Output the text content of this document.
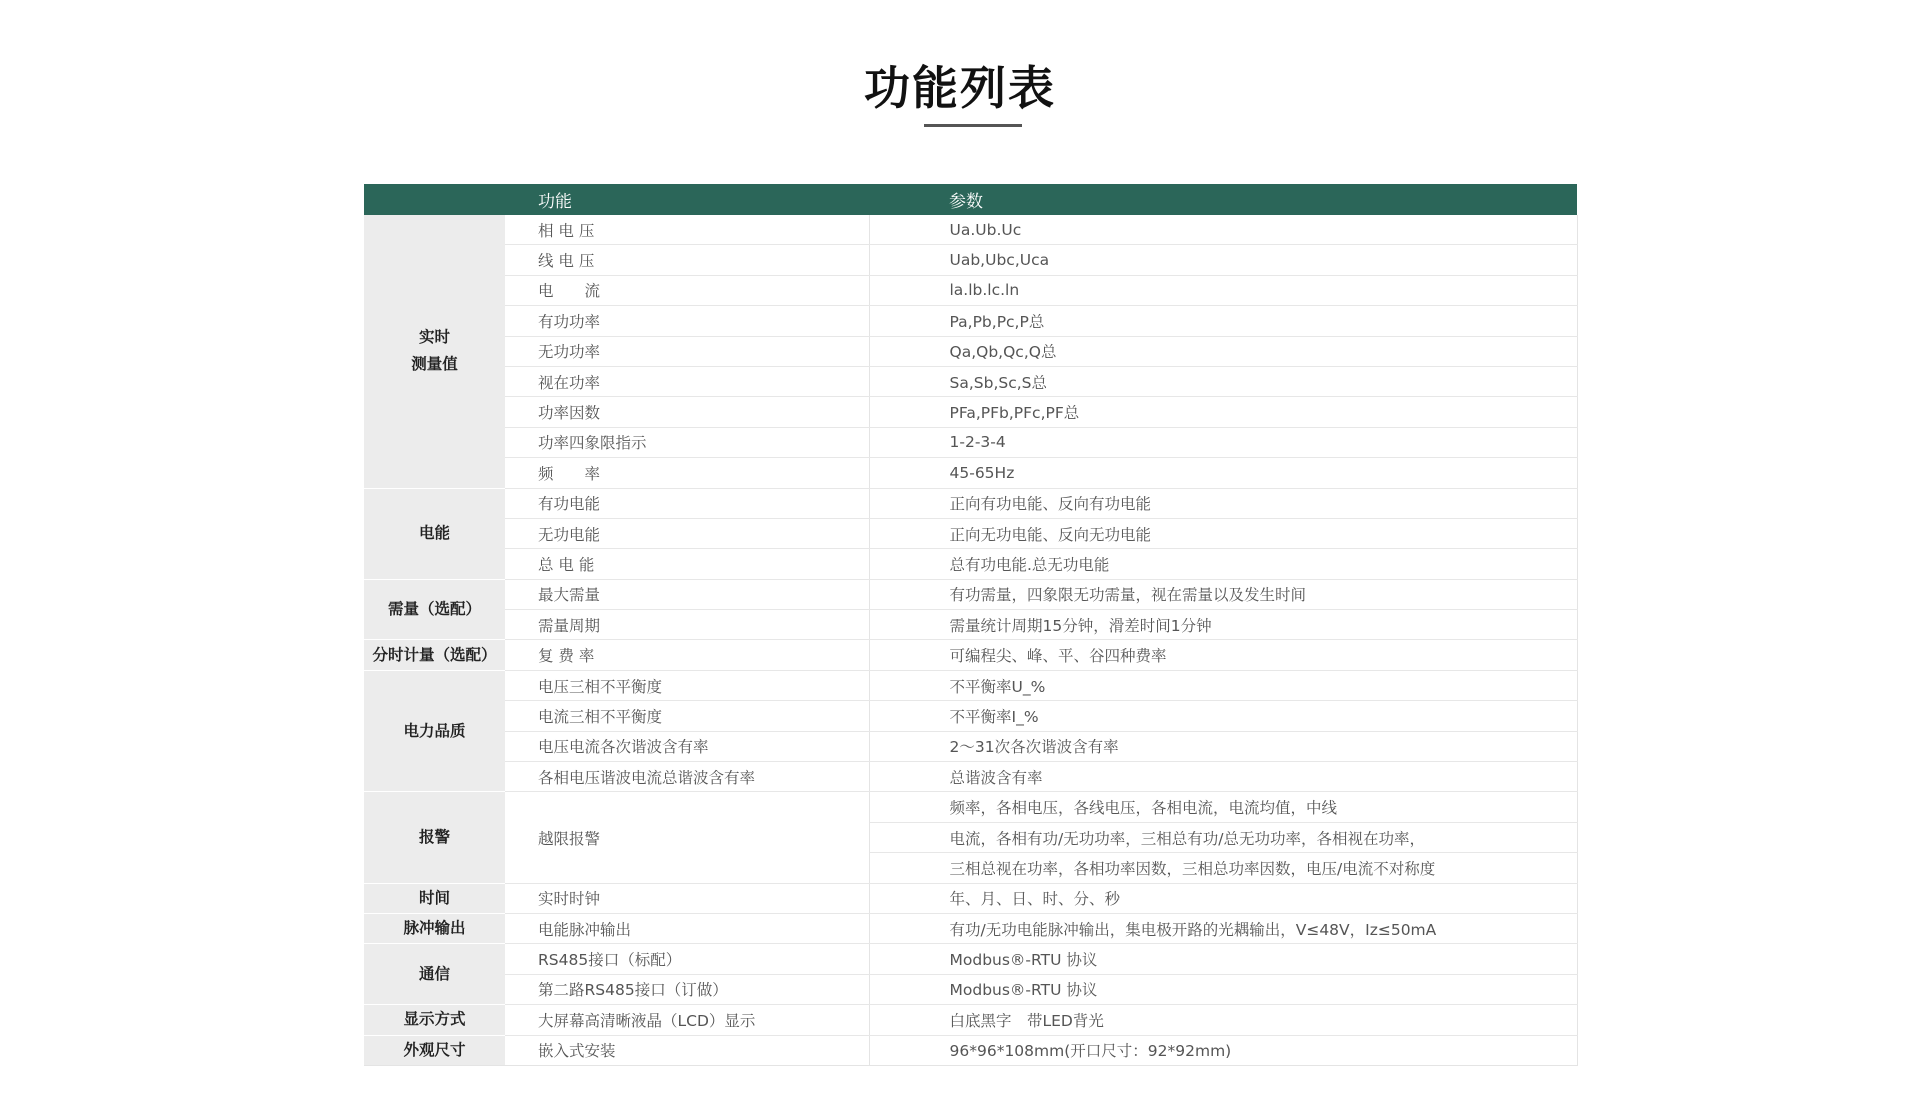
功能列表
	功能	参数
实时
测量值	相 电 压	Ua.Ub.Uc
	线 电 压	Uab,Ubc,Uca
	电　　流	la.lb.lc.ln
	有功功率	Pa,Pb,Pc,P总
	无功功率	Qa,Qb,Qc,Q总
	视在功率	Sa,Sb,Sc,S总
	功率因数	PFa,PFb,PFc,PF总
	功率四象限指示	1-2-3-4
	频　　率	45-65Hz
电能	有功电能	正向有功电能、反向有功电能
	无功电能	正向无功电能、反向无功电能
	总 电 能	总有功电能.总无功电能
需量（选配）	最大需量	有功需量，四象限无功需量，视在需量以及发生时间
	需量周期	需量统计周期15分钟，滑差时间1分钟
分时计量（选配）	复 费 率	可编程尖、峰、平、谷四种费率
电力品质	电压三相不平衡度	不平衡率U_%
	电流三相不平衡度	不平衡率I_%
	电压电流各次谐波含有率	2～31次各次谐波含有率
	各相电压谐波电流总谐波含有率	总谐波含有率
报警	越限报警	频率，各相电压，各线电压，各相电流，电流均值，中线
		电流，各相有功/无功功率，三相总有功/总无功功率，各相视在功率，
		三相总视在功率，各相功率因数，三相总功率因数，电压/电流不对称度
时间	实时时钟	年、月、日、时、分、秒
脉冲输出	电能脉冲输出	有功/无功电能脉冲输出，集电极开路的光耦输出，V≤48V，Iz≤50mA
通信	RS485接口（标配）	Modbus®-RTU 协议
	第二路RS485接口（订做）	Modbus®-RTU 协议
显示方式	大屏幕高清晰液晶（LCD）显示	白底黑字　带LED背光
外观尺寸	嵌入式安装	96*96*108mm(开口尺寸：92*92mm)
